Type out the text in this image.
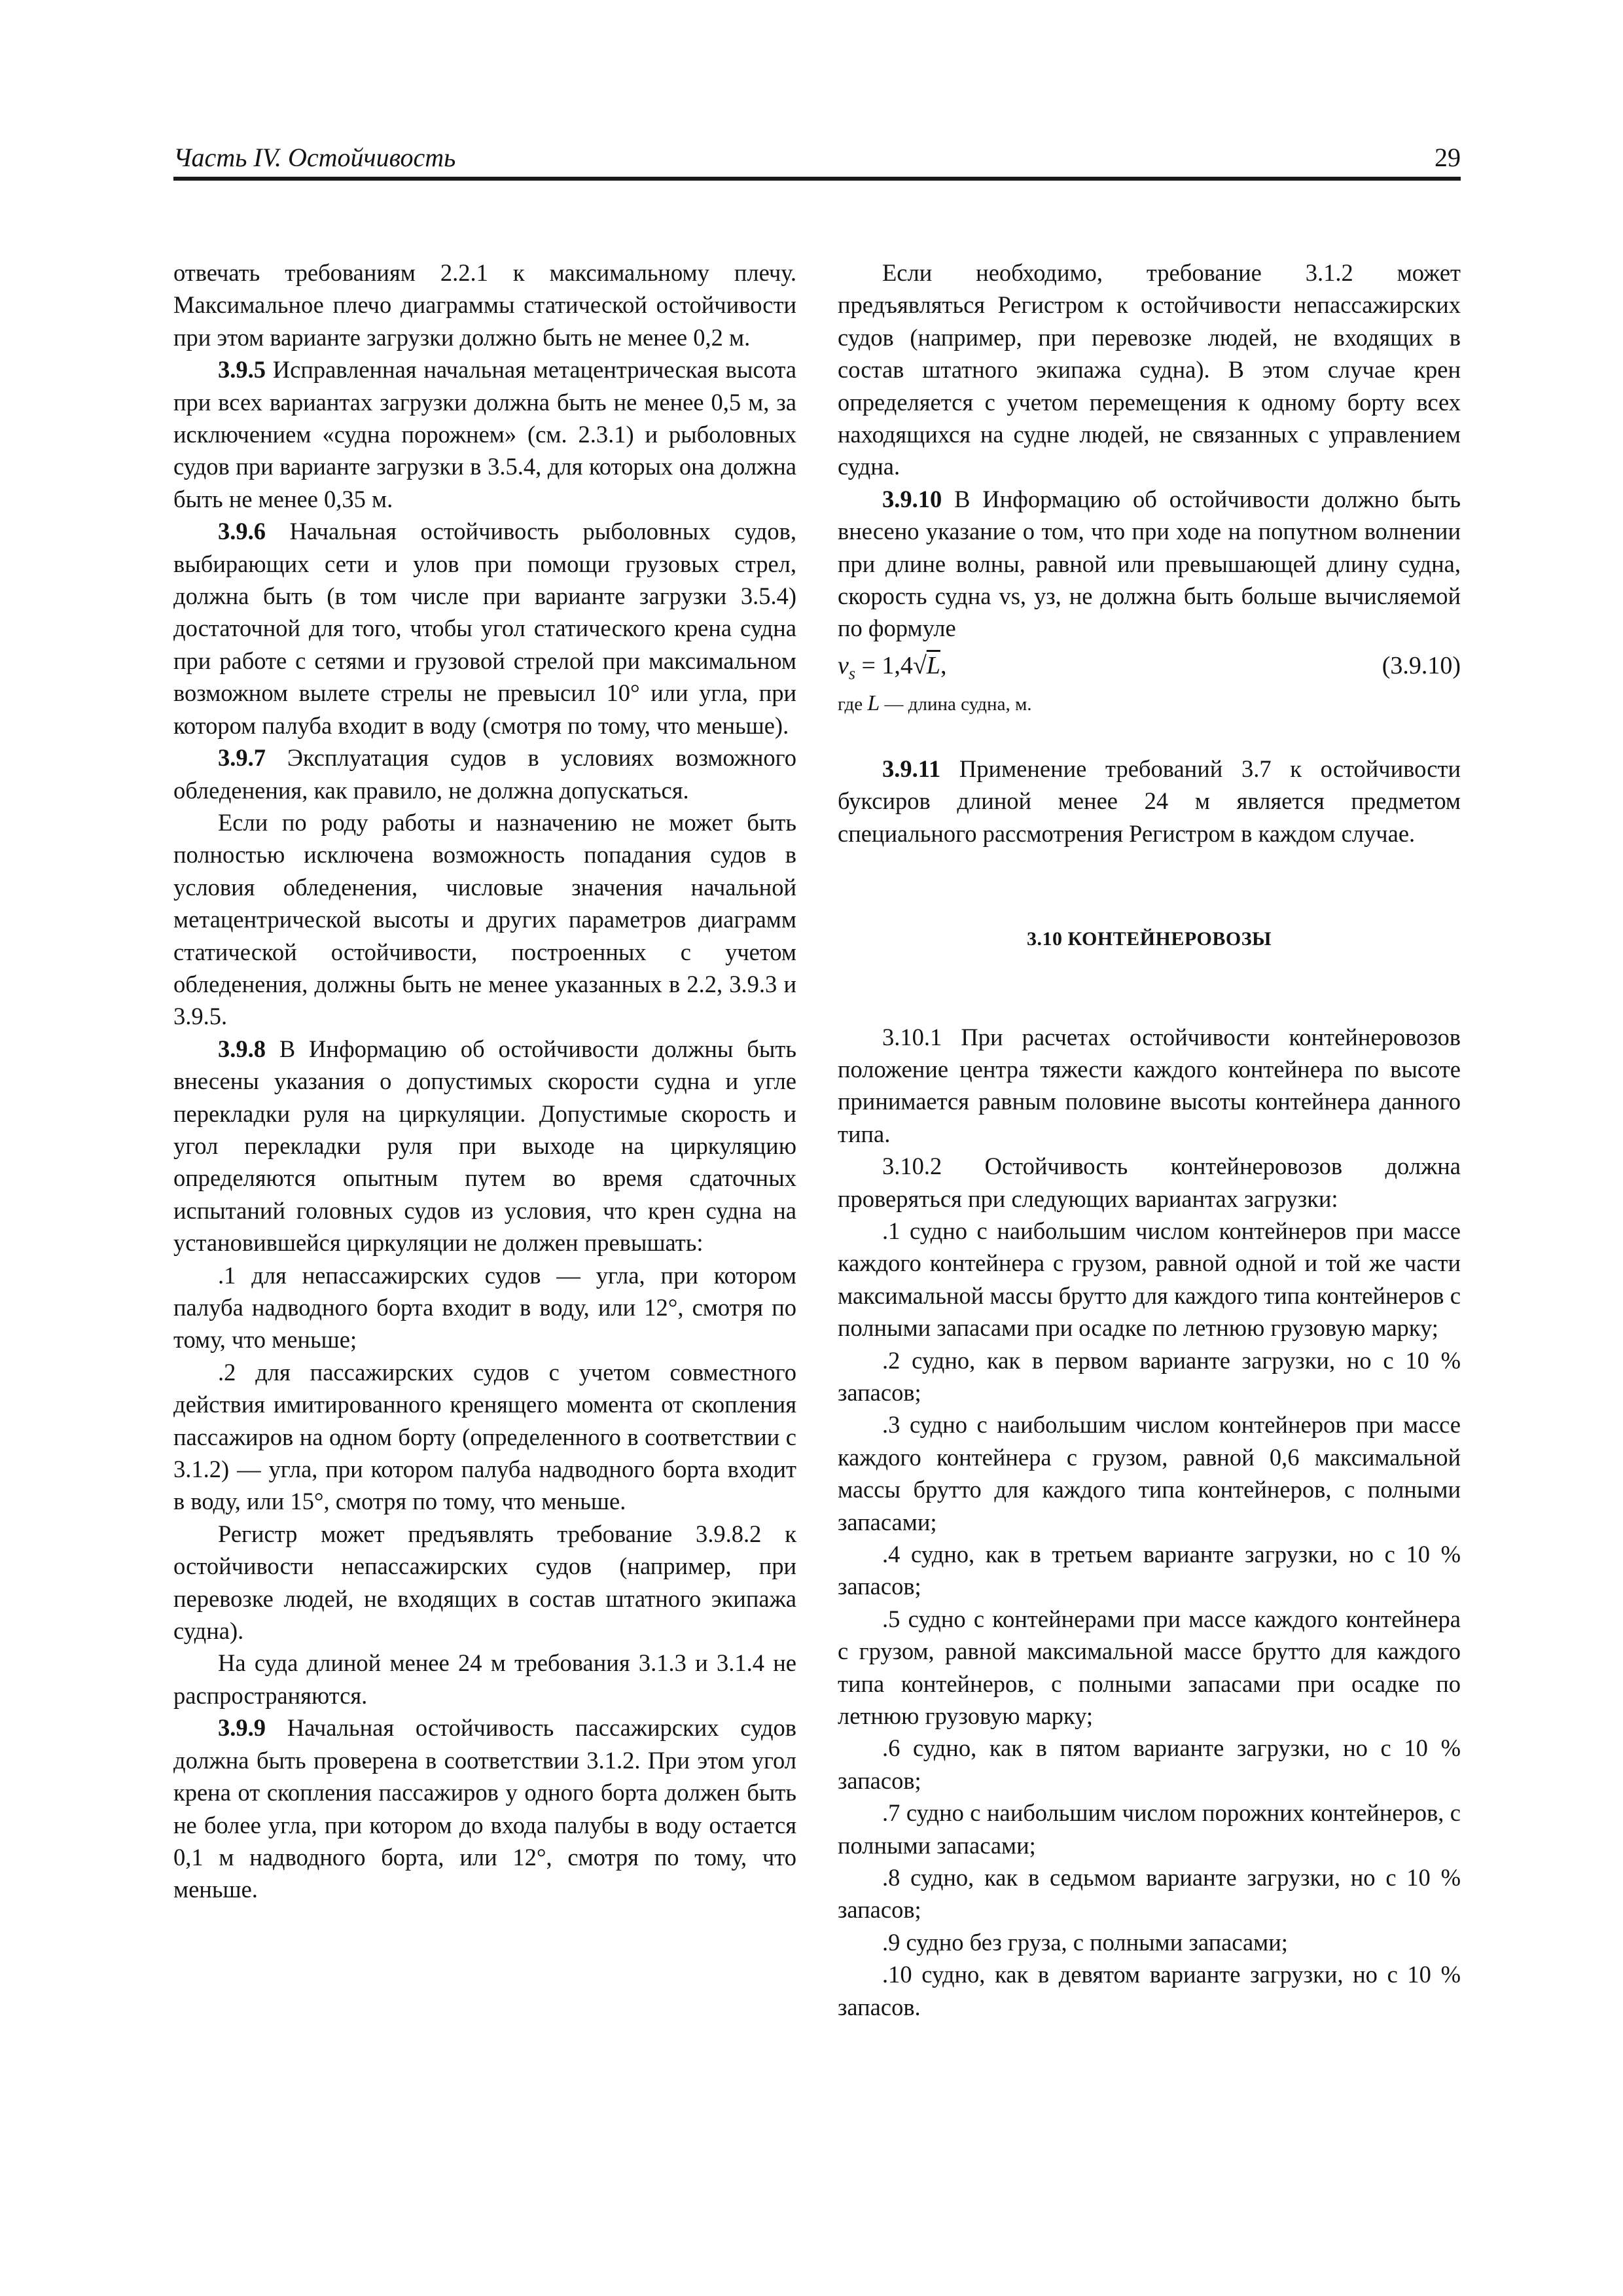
Часть IV. Остойчивость	29

отвечать требованиям 2.2.1 к максимальному плечу. Максимальное плечо диаграммы статической остойчивости при этом варианте загрузки должно быть не менее 0,2 м.

3.9.5 Исправленная начальная метацентрическая высота при всех вариантах загрузки должна быть не менее 0,5 м, за исключением «судна порожнем» (см. 2.3.1) и рыболовных судов при варианте загрузки в 3.5.4, для которых она должна быть не менее 0,35 м.

3.9.6 Начальная остойчивость рыболовных судов, выбирающих сети и улов при помощи грузовых стрел, должна быть (в том числе при варианте загрузки 3.5.4) достаточной для того, чтобы угол статического крена судна при работе с сетями и грузовой стрелой при максимальном возможном вылете стрелы не превысил 10° или угла, при котором палуба входит в воду (смотря по тому, что меньше).

3.9.7 Эксплуатация судов в условиях возможного обледенения, как правило, не должна допускаться.

Если по роду работы и назначению не может быть полностью исключена возможность попадания судов в условия обледенения, числовые значения начальной метацентрической высоты и других параметров диаграмм статической остойчивости, построенных с учетом обледенения, должны быть не менее указанных в 2.2, 3.9.3 и 3.9.5.

3.9.8 В Информацию об остойчивости должны быть внесены указания о допустимых скорости судна и угле перекладки руля на циркуляции. Допустимые скорость и угол перекладки руля при выходе на циркуляцию определяются опытным путем во время сдаточных испытаний головных судов из условия, что крен судна на установившейся циркуляции не должен превышать:

.1 для непассажирских судов — угла, при котором палуба надводного борта входит в воду, или 12°, смотря по тому, что меньше;

.2 для пассажирских судов с учетом совместного действия имитированного кренящего момента от скопления пассажиров на одном борту (определенного в соответствии с 3.1.2) — угла, при котором палуба надводного борта входит в воду, или 15°, смотря по тому, что меньше.

Регистр может предъявлять требование 3.9.8.2 к остойчивости непассажирских судов (например, при перевозке людей, не входящих в состав штатного экипажа судна).

На суда длиной менее 24 м требования 3.1.3 и 3.1.4 не распространяются.

3.9.9 Начальная остойчивость пассажирских судов должна быть проверена в соответствии 3.1.2. При этом угол крена от скопления пассажиров у одного борта должен быть не более угла, при котором до входа палубы в воду остается 0,1 м надводного борта, или 12°, смотря по тому, что меньше.

Если необходимо, требование 3.1.2 может предъявляться Регистром к остойчивости непассажирских судов (например, при перевозке людей, не входящих в состав штатного экипажа судна). В этом случае крен определяется с учетом перемещения к одному борту всех находящихся на судне людей, не связанных с управлением судна.

3.9.10 В Информацию об остойчивости должно быть внесено указание о том, что при ходе на попутном волнении при длине волны, равной или превышающей длину судна, скорость судна vs, уз, не должна быть больше вычисляемой по формуле

$v_s = 1,4√L$,	(3.9.10)

где L — длина судна, м.

3.9.11 Применение требований 3.7 к остойчивости буксиров длиной менее 24 м является предметом специального рассмотрения Регистром в каждом случае.

3.10 КОНТЕЙНЕРОВОЗЫ

3.10.1 При расчетах остойчивости контейнеровозов положение центра тяжести каждого контейнера по высоте принимается равным половине высоты контейнера данного типа.

3.10.2 Остойчивость контейнеровозов должна проверяться при следующих вариантах загрузки:

.1 судно с наибольшим числом контейнеров при массе каждого контейнера с грузом, равной одной и той же части максимальной массы брутто для каждого типа контейнеров с полными запасами при осадке по летнюю грузовую марку;

.2 судно, как в первом варианте загрузки, но с 10 % запасов;

.3 судно с наибольшим числом контейнеров при массе каждого контейнера с грузом, равной 0,6 максимальной массы брутто для каждого типа контейнеров, с полными запасами;

.4 судно, как в третьем варианте загрузки, но с 10 % запасов;

.5 судно с контейнерами при массе каждого контейнера с грузом, равной максимальной массе брутто для каждого типа контейнеров, с полными запасами при осадке по летнюю грузовую марку;

.6 судно, как в пятом варианте загрузки, но с 10 % запасов;

.7 судно с наибольшим числом порожних контейнеров, с полными запасами;

.8 судно, как в седьмом варианте загрузки, но с 10 % запасов;

.9 судно без груза, с полными запасами;

.10 судно, как в девятом варианте загрузки, но с 10 % запасов.
